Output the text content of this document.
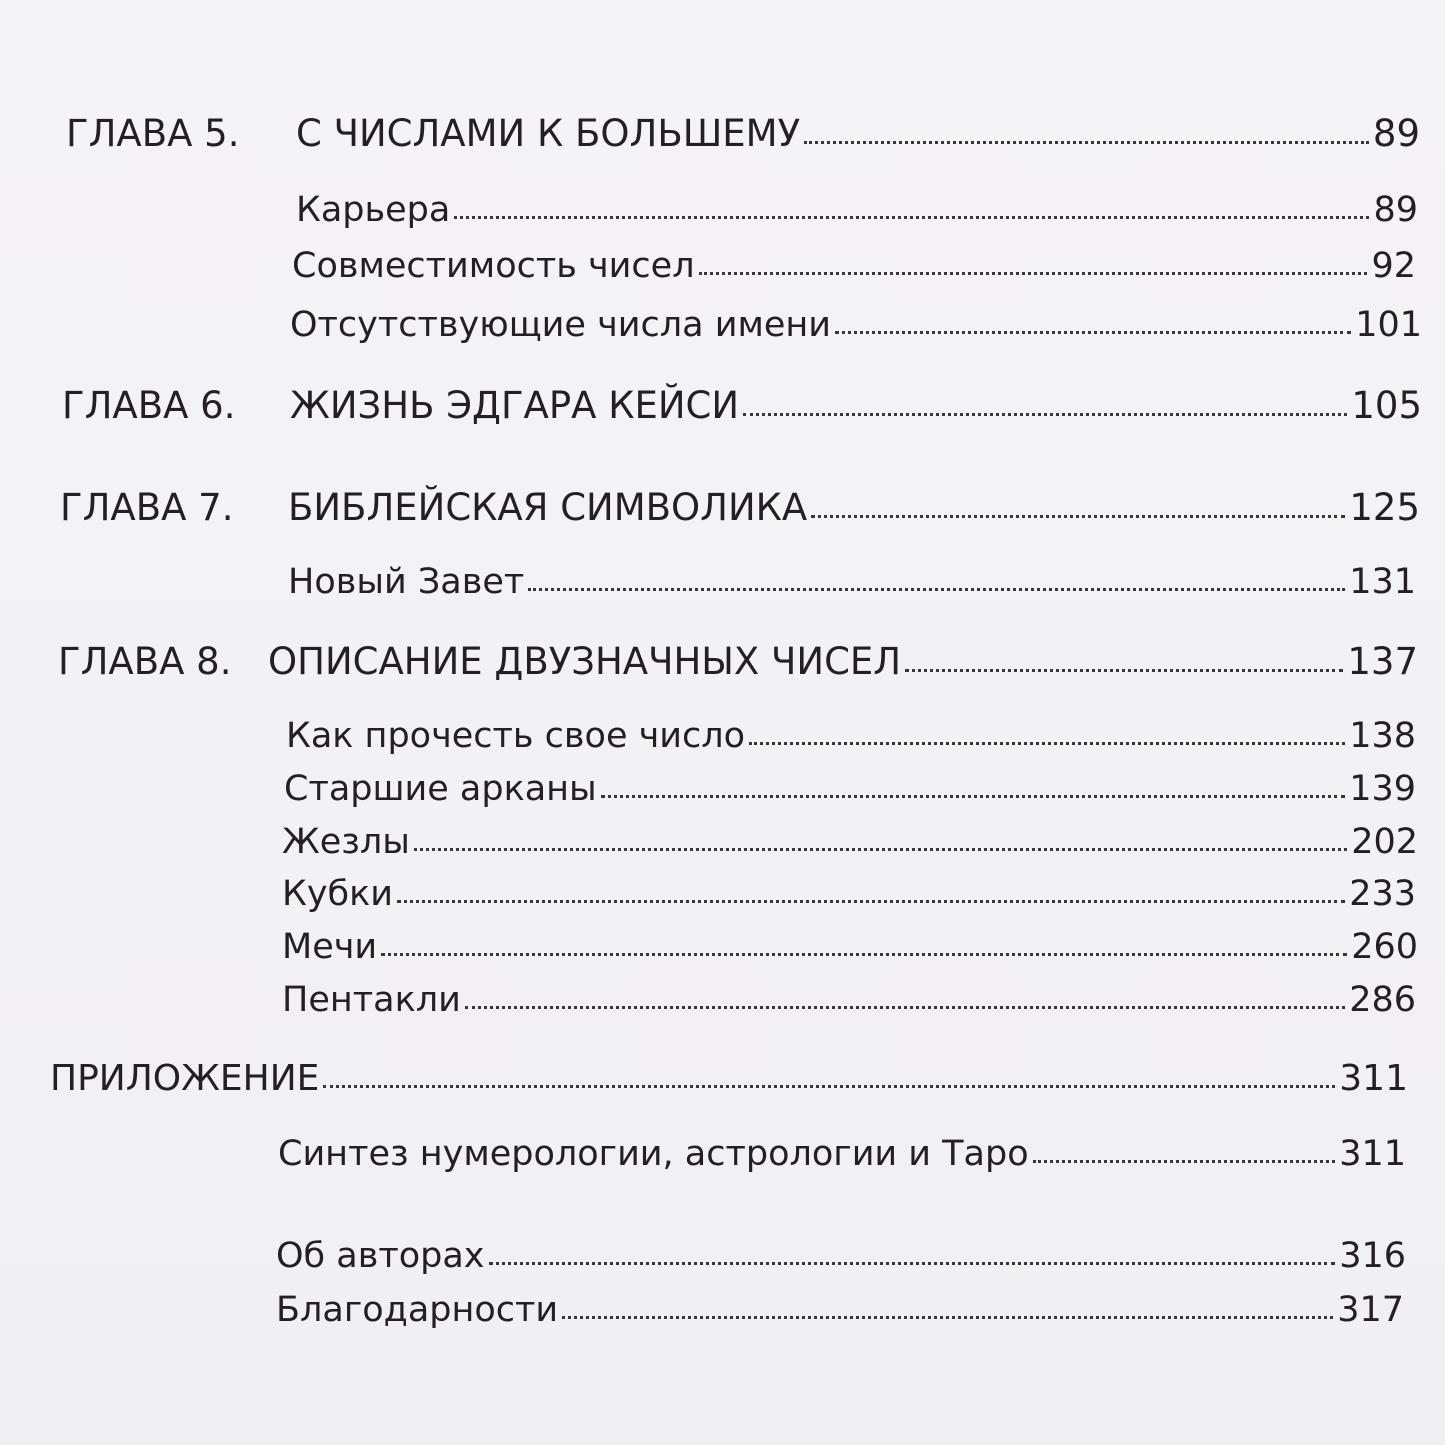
ГЛАВА 5.	С ЧИСЛАМИ К БОЛЬШЕМУ	89
Карьера	89
Совместимость чисел	92
Отсутствующие числа имени	101
ГЛАВА 6.	ЖИЗНЬ ЭДГАРА КЕЙСИ	105
ГЛАВА 7.	БИБЛЕЙСКАЯ СИМВОЛИКА	125
Новый Завет	131
ГЛАВА 8. ОПИСАНИЕ ДВУЗНАЧНЫХ ЧИСЕЛ	137
Как прочесть свое число	138
Старшие арканы	139
Жезлы	202
Кубки	233
Мечи	260
Пентакли	286
ПРИЛОЖЕНИЕ	311
Синтез нумерологии, астрологии и Таро	311
Об авторах	316
Благодарности	317
